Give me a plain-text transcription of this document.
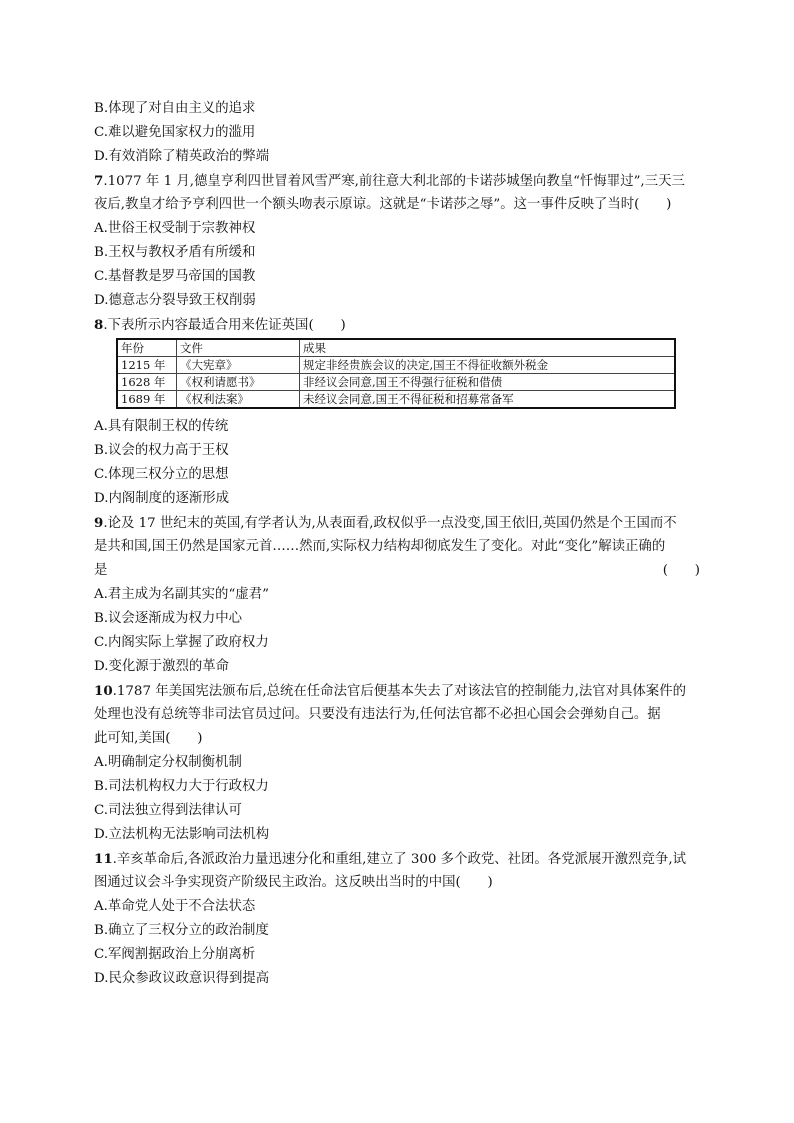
B.体现了对自由主义的追求
C.难以避免国家权力的滥用
D.有效消除了精英政治的弊端
7.1077 年 1 月,德皇亨利四世冒着风雪严寒,前往意大利北部的卡诺莎城堡向教皇“忏悔罪过”,三天三
夜后,教皇才给予亨利四世一个额头吻表示原谅。这就是“卡诺莎之辱”。这一事件反映了当时(　　)
A.世俗王权受制于宗教神权
B.王权与教权矛盾有所缓和
C.基督教是罗马帝国的国教
D.德意志分裂导致王权削弱
8.下表所示内容最适合用来佐证英国(　　)
年份	文件	成果
1215 年	《大宪章》	规定非经贵族会议的决定,国王不得征收额外税金
1628 年	《权利请愿书》	非经议会同意,国王不得强行征税和借债
1689 年	《权利法案》	未经议会同意,国王不得征税和招募常备军
A.具有限制王权的传统
B.议会的权力高于王权
C.体现三权分立的思想
D.内阁制度的逐渐形成
9.论及 17 世纪末的英国,有学者认为,从表面看,政权似乎一点没变,国王依旧,英国仍然是个王国而不
是共和国,国王仍然是国家元首……然而,实际权力结构却彻底发生了变化。对此“变化”解读正确的
是	(　　)
A.君主成为名副其实的“虚君”
B.议会逐渐成为权力中心
C.内阁实际上掌握了政府权力
D.变化源于激烈的革命
10.1787 年美国宪法颁布后,总统在任命法官后便基本失去了对该法官的控制能力,法官对具体案件的
处理也没有总统等非司法官员过问。只要没有违法行为,任何法官都不必担心国会会弹劾自己。据
此可知,美国(　　)
A.明确制定分权制衡机制
B.司法机构权力大于行政权力
C.司法独立得到法律认可
D.立法机构无法影响司法机构
11.辛亥革命后,各派政治力量迅速分化和重组,建立了 300 多个政党、社团。各党派展开激烈竞争,试
图通过议会斗争实现资产阶级民主政治。这反映出当时的中国(　　)
A.革命党人处于不合法状态
B.确立了三权分立的政治制度
C.军阀割据政治上分崩离析
D.民众参政议政意识得到提高
